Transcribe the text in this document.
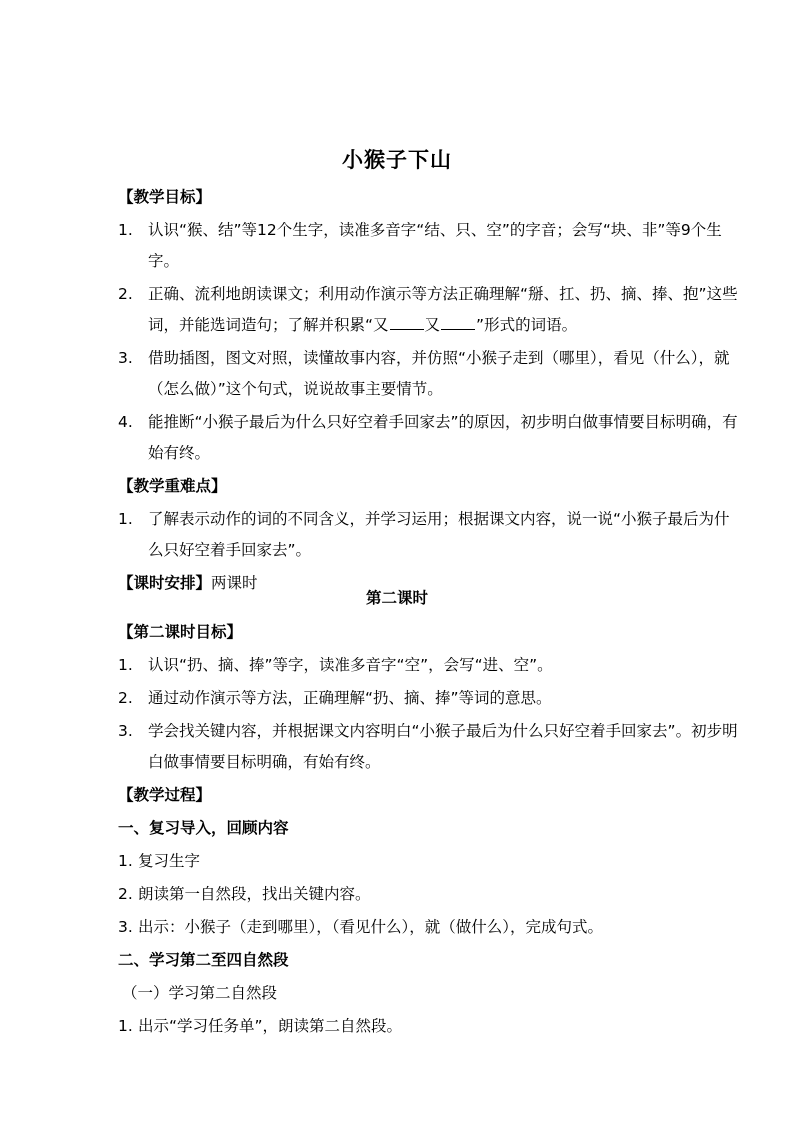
小猴子下山
【教学目标】
1. 认识“猴、结”等12个生字，读准多音字“结、只、空”的字音；会写“块、非”等9个生字。
2. 正确、流利地朗读课文；利用动作演示等方法正确理解“掰、扛、扔、摘、捧、抱”这些词，并能选词造句；了解并积累“又 又 ”形式的词语。
3. 借助插图，图文对照，读懂故事内容，并仿照“小猴子走到（哪里），看见（什么），就（怎么做）”这个句式，说说故事主要情节。
4. 能推断“小猴子最后为什么只好空着手回家去”的原因，初步明白做事情要目标明确，有始有终。
【教学重难点】
1. 了解表示动作的词的不同含义，并学习运用；根据课文内容，说一说“小猴子最后为什么只好空着手回家去”。
【课时安排】两课时
第二课时
【第二课时目标】
1. 认识“扔、摘、捧”等字，读准多音字“空”，会写“进、空”。
2. 通过动作演示等方法，正确理解“扔、摘、捧”等词的意思。
3. 学会找关键内容，并根据课文内容明白“小猴子最后为什么只好空着手回家去”。初步明白做事情要目标明确，有始有终。
【教学过程】
一、复习导入，回顾内容
1. 复习生字
2. 朗读第一自然段，找出关键内容。
3. 出示：小猴子（走到哪里），（看见什么），就（做什么），完成句式。
二、学习第二至四自然段
（一）学习第二自然段
1. 出示“学习任务单”，朗读第二自然段。
